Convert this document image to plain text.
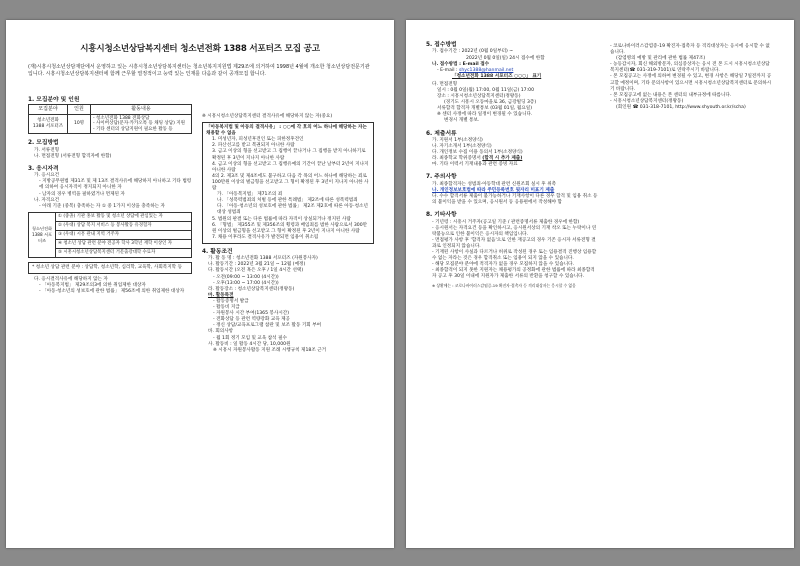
시흥시청소년상담복지센터 청소년전화 1388 서포터즈 모집 공고
(재)시흥시청소년상담재단에서 운영하고 있는 시흥시청소년상담복지센터는 청소년복지지원법 제29조에 의거하여 1998년 4월에 개소한 청소년상담전문기관입니다. 시흥시청소년상담복지센터에 함께 근무할 열정적이고 능력 있는 인재를 다음과 같이 공개모집 합니다.

1. 모집분야 및 인원

모집분야	인원	활동내용
청소년전화 1388 서포터즈	10명	- 청소년전화 1388 전화상담
- 사이버상담(문자·카카오톡 등 채팅 상담) 지원
- 기타 센터의 상담지원이 필요한 활동 등

2. 모집방법

가. 서류전형

나. 면접전형 (서류전형 합격자에 한함)

3. 응시자격

가. 응시요건

- 지방공무원법 제31조 및 제 13조 결격사유에 해당하지 아니하고 기타 법령에 의하여 응시자격이 정지되지 아니한 자

- 남자의 경우 병역을 필하였거나 면제된 자

나. 자격요건

- 아래 기준 (중복) 충족하는 자 ① 중 1가지 이상을 충족하는 자

청소년전화 1388 서포터즈	① (중졸) 기관 홍보 활동 및 청소년 상담에 관심있는 자
② (우대) 상담 복지 서비스 등 봉사활동 유경험자
③ (우대) 시흥 관내 지역 거주자
④ 청소년 상담 관련 분야 전공자 학사 3학년 재학 이상인 자
⑤ 시흥시청소년상담복지센터 거문출강대학 수료자

* 청소년 상담 관련 분야 : 상담학, 청소년학, 심리학, 교육학, 사회복지학 등

다. 응시결격사유에 해당하지 않는 자

- 「아동복지법」 제29조의3에 의한 취업제한 대상자

- 「아동·청소년의 성보호에 관한 법률」 제56조에 의한 취업제한 대상자

※ 시흥시청소년상담복지센터 결격사유에 해당하지 않는 자(중요)

「아동복지법 및 아동의 결격사유」 : ○○에 각 호의 어느 하나에 해당하는 자는 채용할 수 없음

1. 미성년자, 피성년후견인 또는 피한정후견인

2. 파산선고를 받고 복권되지 아니한 사람

3. 금고 이상의 형을 선고받고 그 집행이 끝나거나 그 집행을 받지 아니하기로 확정된 후 3년이 지나지 아니한 사람

4. 금고 이상의 형을 선고받고 그 집행유예의 기간이 끝난 날부터 2년이 지나지 아니한 사람

4의 2. 제3조 및 제4조에도 불구하고 다음 각 목의 어느 하나에 해당하는 죄로 100만원 이상의 벌금형을 선고받고 그 형이 확정된 후 3년이 지나지 아니한 사람

가. 「아동복지법」 제71조의 죄

나. 「성폭력범죄의 처벌 등에 관한 특례법」 제2조에 따른 성폭력범죄

다. 「아동·청소년의 성보호에 관한 법률」 제2조 제2호에 따른 아동·청소년대상 성범죄

5. 법원의 판결 또는 다른 법률에 따라 자격이 상실되거나 정지된 사람

6. 「형법」 제355조 및 제356조의 횡령과 배임죄를 범한 사람으로서 300만원 이상의 벌금형을 선고받고 그 형이 확정된 후 2년이 지나지 아니한 사람

7. 채용 이후라도 결격사유가 발견되면 임용이 취소됨

4. 활동조건

가. 활 동 명 : 청소년전화 1388 서포터즈 (자원봉사자)

나. 활동기간 : 2022년 3월 21일 ~ 12월 (예정)

다. 활동시간 (오전 혹은 오후 / 1일 4시간 선택)

- 오전(09:00 ~ 13:00 (4시간))

- 오후(13:00 ~ 17:00 (4시간))

라. 활동장소 : 청소년상담복지센터(정왕동)

마. 활동특전

- 활동증명서 발급

- 활동비 지급

- 자원봉사 시간 부여(1365 봉사시간)

- 전화상담 등 관련 역량강화 교육 제공

- 정신 상담/교육프로그램 참관 및 보조 활동 기회 부여

바. 회의사항

- 월 1회 정기 모임 및 교육 참석 필수

사. 활동비 : 일 활동 4시간 당, 10,000원

※ 시흥시 자원봉사활동 지원 조례 시행규칙 제18조 근거

5. 접수방법

가. 접수기간 : 2022년 (0월 0일부터) ~

2022년 0월 0일(일) 24시 접수에 한함

나. 접수방법 : E-mail 접수

- E-mail : shyc1388@hanmail.net

「청소년전화 1388 서포터즈 ○○○」 표기

다. 면접전형

일시 : 0월 0일(월) 17:00, 0월 11일(금) 17:00

장소 : 시흥시청소년상담복지센터(정왕동)

(경기도 시흥시 오동마을로 36, 금강빌딩 3층)

서류합격 합격자 개별통보 (03월 01일, 월요일)

※ 센터 사정에 따라 일정이 변경될 수 있습니다.

변경시 개별 통보.

6. 제출서류

가. 지원서 1부(소정양식)

나. 자기소개서 1부(소정양식)

다. 개인정보 수집 이용 동의서 1부(소정양식)

라. 최종학교 학위증명서 (합격 시 추가 제출)

마. 기타 이력서 기재내용과 관련 증빙 자료

7. 주의사항

가. 최종합격자는 성범죄·아동학대 관련 신원조회 실시 후 위촉

나. 개인정보보호법에 따라 주민등록번호 뒷자리 미표기 제출

다. 수수 합격서류 제출이 불가능하거나 기재사항이 다른 경우 합격 및 임용 취소 등의 불이익을 받을 수 있으며, 응시원서 등 응용편에서 작성해야 함

8. 기타사항

- 기년령 : 시흥시 거주자(공고일 기준 / 관련증명서류 제출한 경우에 한함)

- 응시원서는 자격요건 등을 확인하시고, 응시원서상의 기재 착오 또는 누락이나 연락불능으로 인한 불이익은 응시자의 책임입니다.

- 면접평가 사항 후 '합격자 없음'으로 인한 재공고의 경우 기존 응시자 서류전형 결과로 인정되지 않습니다.

- 기재된 사항이 사실과 다르거나 허위로 작성된 경우 또는 임용결격 진행상 임용할 수 없는 자라는 것은 경우 합격취소 또는 임용이 되지 않을 수 있습니다.

- 해당 모집분야 분야에 적격자가 없을 경우 모집하지 않을 수 있습니다.

- 최종합격이 되지 못한 지원자는 채용평가의 공정화에 관한 법률에 따라 최종합격자 공고 후 30일 이내에 지원자가 제출한 서류의 반환을 청구할 수 있습니다.

※ 상황에는 : 코로나바이러스감염증-19 확진자·접촉자 등 격리대상자는 응시할 수 없음

- 코로나바이러스감염증-19 확진자·접촉자 등 격리대상자는 응시에 응시할 수 없습니다.

(감염병의 예방 및 관리에 관한 법률 제47조)

- 농등감시자, 회신 해외방문자, 의심증상자는 응시 전 본 드시 시흥시청소년상담복지센터(☎ 031-319-7101)로 연락주시기 바랍니다.

- 본 모집공고는 사정에 의하여 변경될 수 있고, 변경 사항은 해당일 7일전까지 공고할 예정이며, 기타 문의사항이 있으시면 시흥시청소년상담복지센터로 문의하시기 바랍니다.

- 본 모집공고에 없는 내용은 본 센터의 내부규정에 따릅니다.

- 시흥시청소년상담복지센터(정왕동)

(회인원 ☎ 031-318-7101, http://www.shyouth.or.kr/scha)
